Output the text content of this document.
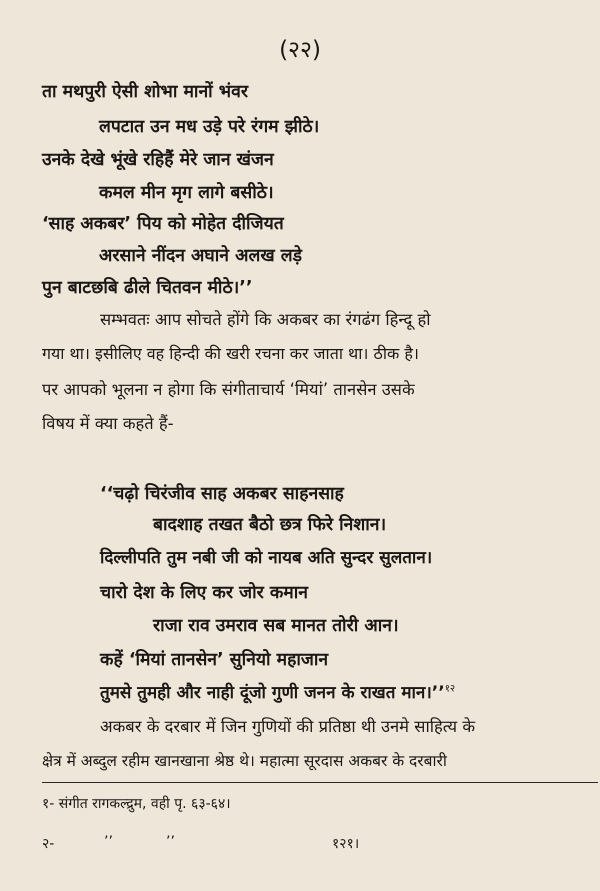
(२२)
ता मथपुरी ऐसी शोभा मानों भंवर
लपटात उन मध उड़े परे रंगम झीठे।
उनके देखे भूंखे रहिहैं मेरे जान खंजन
कमल मीन मृग लागे बसीठे।
‘साह अकबर’ पिय को मोहेत दीजियत
अरसाने नींदन अघाने अलख लड़े
पुन बाटछबि ढीले चितवन मीठे।’’
सम्भवतः आप सोचते होंगे कि अकबर का रंगढंग हिन्दू हो
गया था। इसीलिए वह हिन्दी की खरी रचना कर जाता था। ठीक है।
पर आपको भूलना न होगा कि संगीताचार्य ‘मियां’ तानसेन उसके
विषय में क्या कहते हैं-
‘‘चढ़ो चिरंजीव साह अकबर साहनसाह
बादशाह तखत बैठो छत्र फिरे निशान।
दिल्लीपति तुम नबी जी को नायब अति सुन्दर सुलतान।
चारो देश के लिए कर जोर कमान
राजा राव उमराव सब मानत तोरी आन।
कहें ‘मियां तानसेन’ सुनियो महाजान
तुमसे तुमही और नाही दूंजो गुणी जनन के राखत मान।’’$^{१२}$
अकबर के दरबार में जिन गुणियों की प्रतिष्ठा थी उनमे साहित्य के
क्षेत्र में अब्दुल रहीम खानखाना श्रेष्ठ थे। महात्मा सूरदास अकबर के दरबारी
१- संगीत रागकल्द्रुम, वही पृ. ६३-६४।
२-	’’	’’	१२१।
